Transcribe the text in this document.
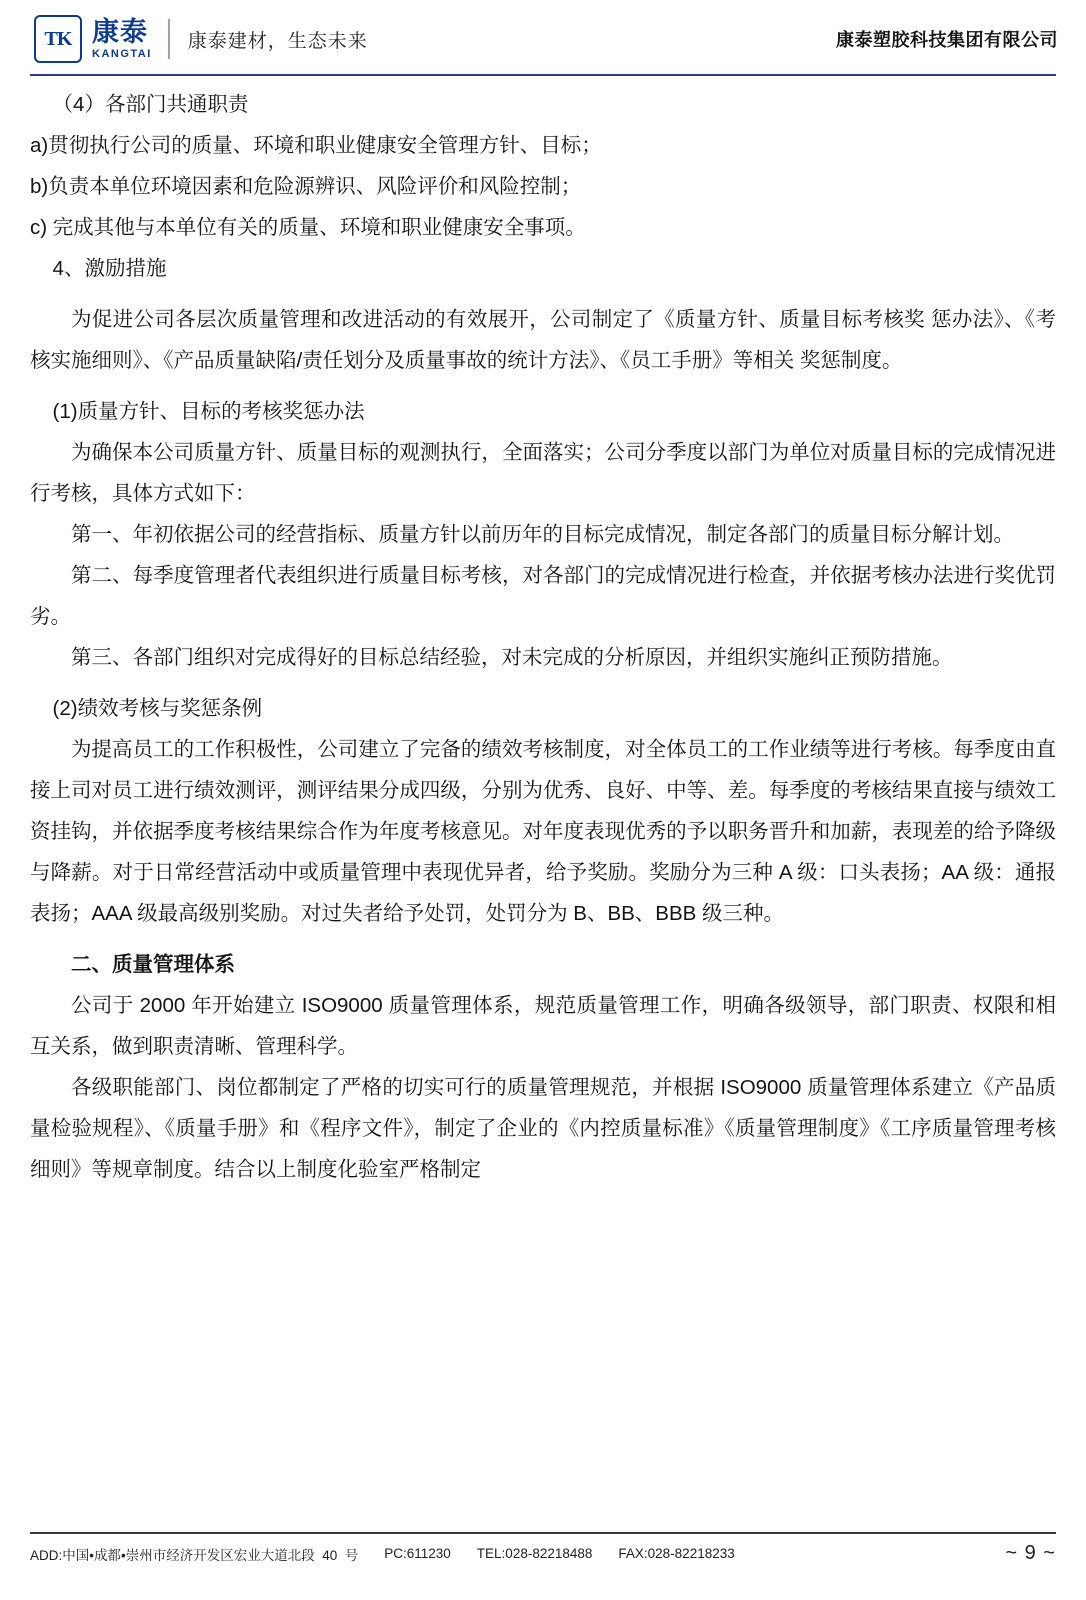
TK 康泰
KANGTAI
康泰建材，生态未来	康泰塑胶科技集团有限公司

（4）各部门共通职责

a)贯彻执行公司的质量、环境和职业健康安全管理方针、目标；

b)负责本单位环境因素和危险源辨识、风险评价和风险控制；

c) 完成其他与本单位有关的质量、环境和职业健康安全事项。

4、激励措施

为促进公司各层次质量管理和改进活动的有效展开，公司制定了《质量方针、质量目标考核奖 惩办法》、《考核实施细则》、《产品质量缺陷/责任划分及质量事故的统计方法》、《员工手册》等相关 奖惩制度。

(1)质量方针、目标的考核奖惩办法

为确保本公司质量方针、质量目标的观测执行，全面落实；公司分季度以部门为单位对质量目标的完成情况进行考核，具体方式如下：

第一、年初依据公司的经营指标、质量方针以前历年的目标完成情况，制定各部门的质量目标分解计划。

第二、每季度管理者代表组织进行质量目标考核，对各部门的完成情况进行检查，并依据考核办法进行奖优罚劣。

第三、各部门组织对完成得好的目标总结经验，对未完成的分析原因，并组织实施纠正预防措施。

(2)绩效考核与奖惩条例

为提高员工的工作积极性，公司建立了完备的绩效考核制度，对全体员工的工作业绩等进行考核。每季度由直接上司对员工进行绩效测评，测评结果分成四级，分别为优秀、良好、中等、差。每季度的考核结果直接与绩效工资挂钩，并依据季度考核结果综合作为年度考核意见。对年度表现优秀的予以职务晋升和加薪，表现差的给予降级与降薪。对于日常经营活动中或质量管理中表现优异者，给予奖励。奖励分为三种 A 级：口头表扬；AA 级：通报表扬；AAA 级最高级别奖励。对过失者给予处罚，处罚分为 B、BB、BBB 级三种。

二、质量管理体系

公司于 2000 年开始建立 ISO9000 质量管理体系，规范质量管理工作，明确各级领导，部门职责、权限和相互关系，做到职责清晰、管理科学。

各级职能部门、岗位都制定了严格的切实可行的质量管理规范，并根据 ISO9000 质量管理体系建立《产品质量检验规程》、《质量手册》和《程序文件》，制定了企业的《内控质量标准》《质量管理制度》《工序质量管理考核细则》等规章制度。结合以上制度化验室严格制定

ADD:中国•成都•崇州市经济开发区宏业大道北段  40  号 PC:611230 TEL:028-82218488 FAX:028-82218233	~ 9 ~
